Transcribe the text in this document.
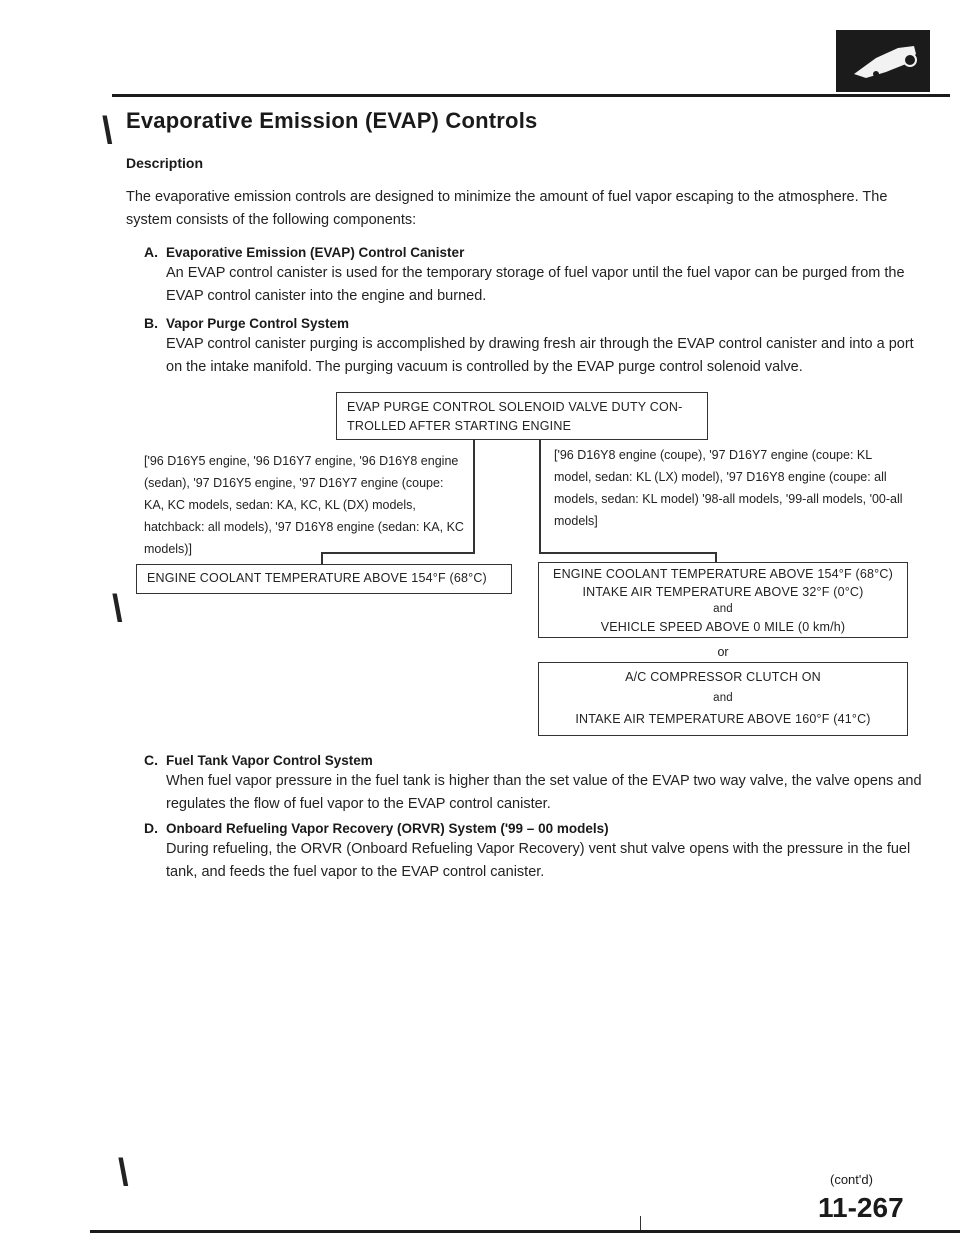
\
\
\
Evaporative Emission (EVAP) Controls
Description
The evaporative emission controls are designed to minimize the amount of fuel vapor escaping to the atmosphere. The system consists of the following components:
A. Evaporative Emission (EVAP) Control Canister
An EVAP control canister is used for the temporary storage of fuel vapor until the fuel vapor can be purged from the EVAP control canister into the engine and burned.
B. Vapor Purge Control System
EVAP control canister purging is accomplished by drawing fresh air through the EVAP control canister and into a port on the intake manifold. The purging vacuum is controlled by the EVAP purge control solenoid valve.
EVAP PURGE CONTROL SOLENOID VALVE DUTY CON-
TROLLED AFTER STARTING ENGINE
['96 D16Y5 engine, '96 D16Y7 engine, '96 D16Y8 engine (sedan), '97 D16Y5 engine, '97 D16Y7 engine (coupe: KA, KC models, sedan: KA, KC, KL (DX) models, hatchback: all models), '97 D16Y8 engine (sedan: KA, KC models)]
['96 D16Y8 engine (coupe), '97 D16Y7 engine (coupe: KL model, sedan: KL (LX) model), '97 D16Y8 engine (coupe: all models, sedan: KL model) '98-all models, '99-all models, '00-all models]
ENGINE COOLANT TEMPERATURE ABOVE 154°F (68°C)	ENGINE COOLANT TEMPERATURE ABOVE 154°F (68°C)
INTAKE AIR TEMPERATURE ABOVE 32°F (0°C)
and
VEHICLE SPEED ABOVE 0 MILE (0 km/h)
or
A/C COMPRESSOR CLUTCH ON
and
INTAKE AIR TEMPERATURE ABOVE 160°F (41°C)
C. Fuel Tank Vapor Control System
When fuel vapor pressure in the fuel tank is higher than the set value of the EVAP two way valve, the valve opens and regulates the flow of fuel vapor to the EVAP control canister.
D. Onboard Refueling Vapor Recovery (ORVR) System ('99 – 00 models)
During refueling, the ORVR (Onboard Refueling Vapor Recovery) vent shut valve opens with the pressure in the fuel tank, and feeds the fuel vapor to the EVAP control canister.
(cont'd)
11-267
